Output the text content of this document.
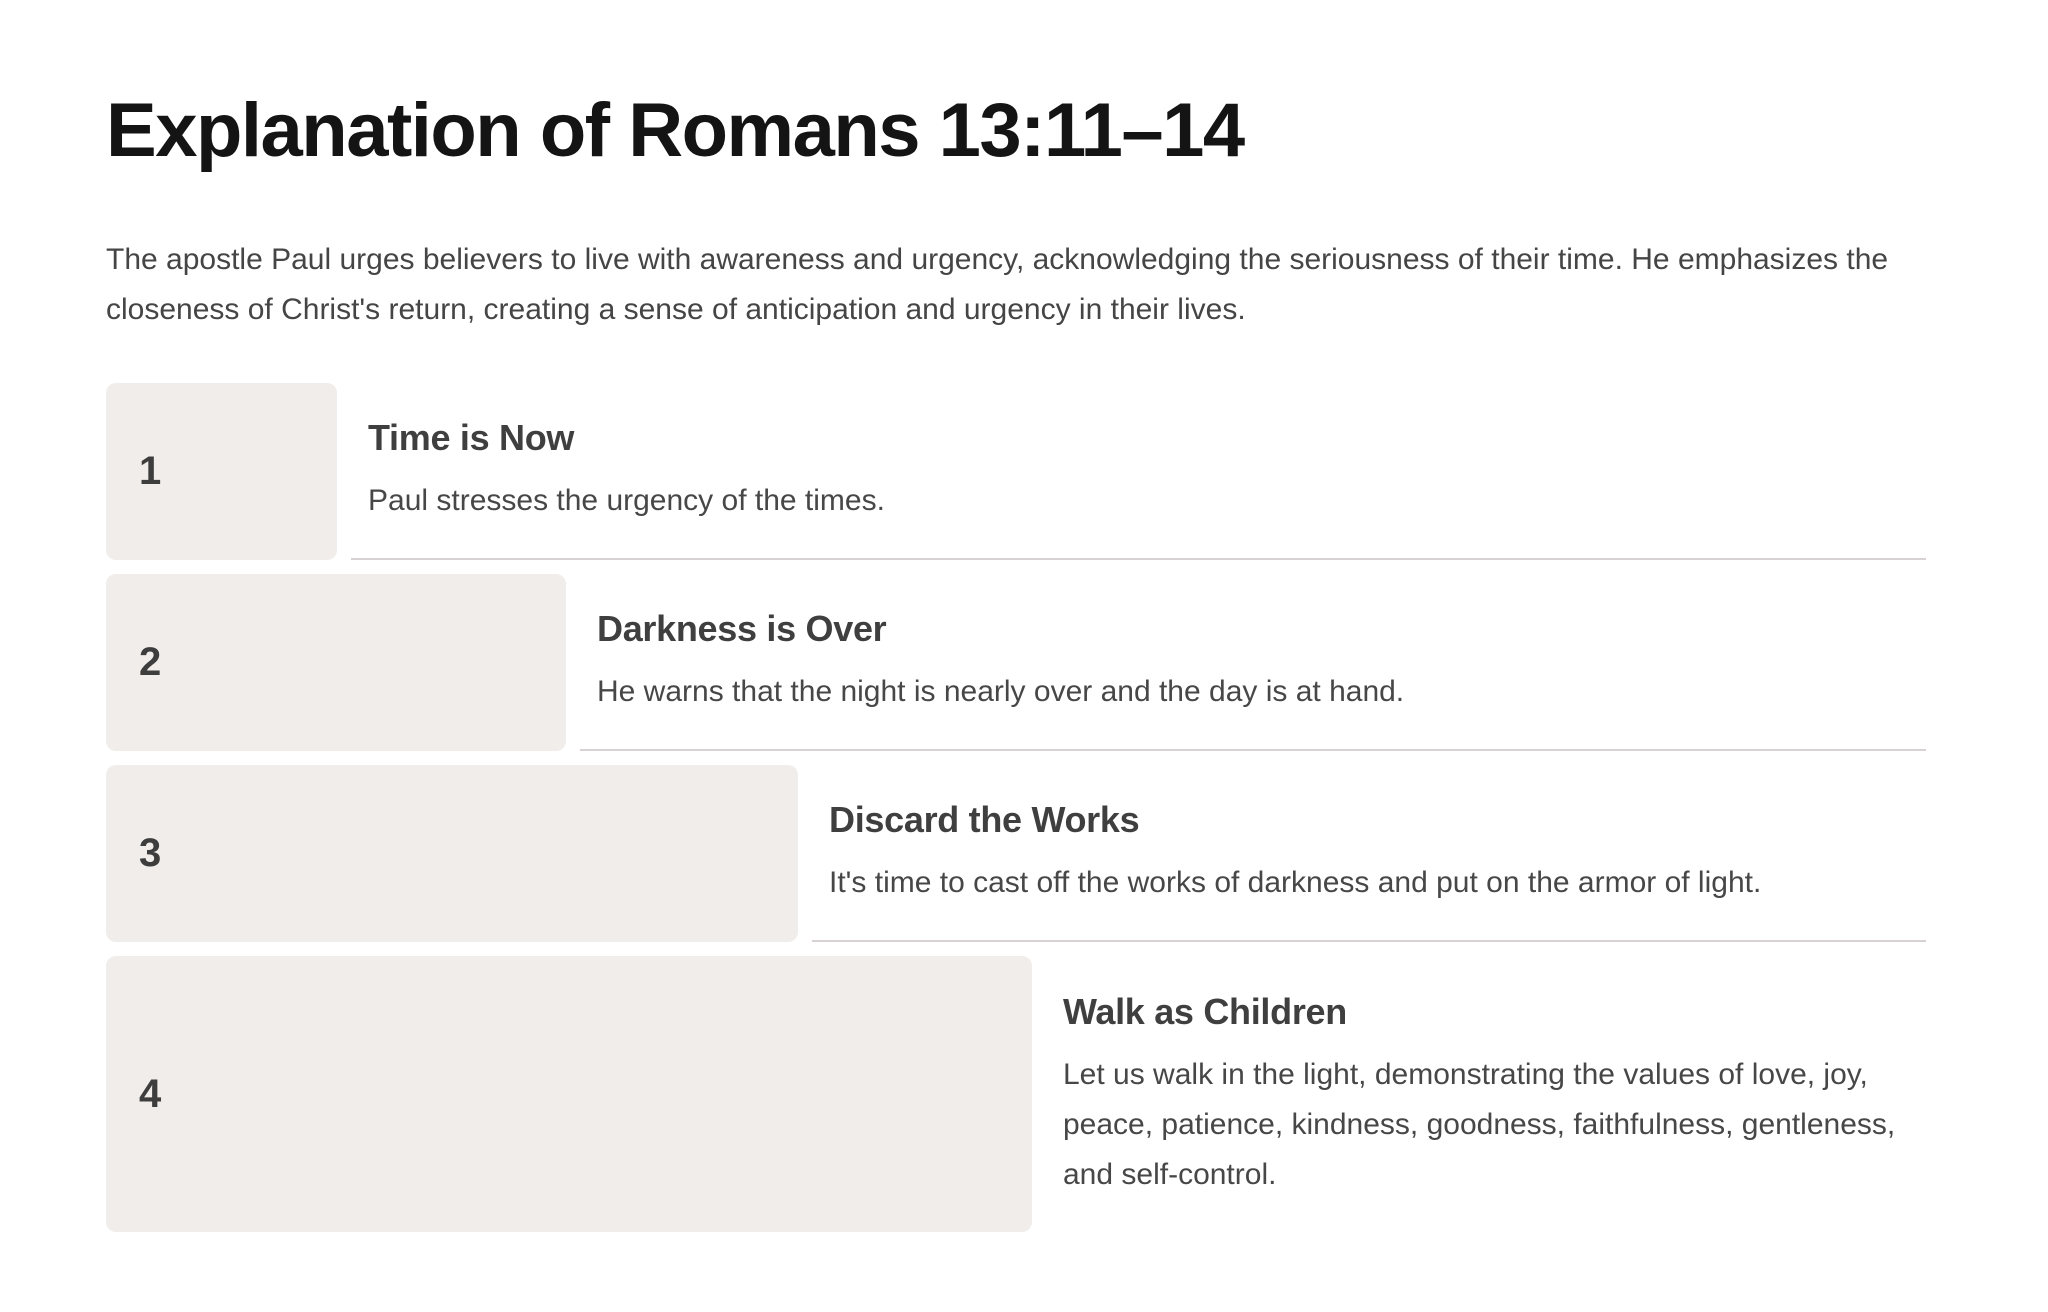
Explanation of Romans 13:11–14

The apostle Paul urges believers to live with awareness and urgency, acknowledging the seriousness of their time. He emphasizes the closeness of Christ's return, creating a sense of anticipation and urgency in their lives.

1
Time is Now

Paul stresses the urgency of the times.

2
Darkness is Over

He warns that the night is nearly over and the day is at hand.

3
Discard the Works

It's time to cast off the works of darkness and put on the armor of light.

4
Walk as Children

Let us walk in the light, demonstrating the values of love, joy, peace, patience, kindness, goodness, faithfulness, gentleness, and self-control.
